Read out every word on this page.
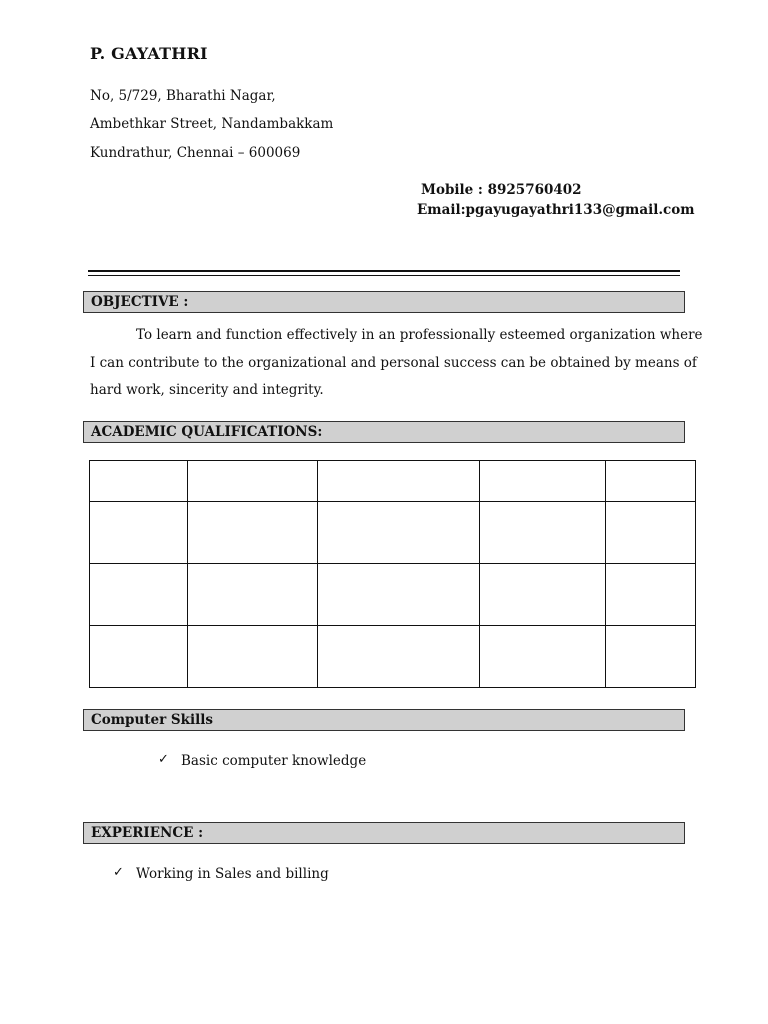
P. GAYATHRI
No, 5/729, Bharathi Nagar,
Ambethkar Street, Nandambakkam
Kundrathur, Chennai – 600069
Mobile : 8925760402
Email:pgayugayathri133@gmail.com
OBJECTIVE :
To learn and function effectively in an professionally esteemed organization where
I can contribute to the organizational and personal success can be obtained by means of
hard work, sincerity and integrity.
ACADEMIC QUALIFICATIONS:

Computer Skills
✓ Basic computer knowledge
EXPERIENCE :
✓ Working in Sales and billing
